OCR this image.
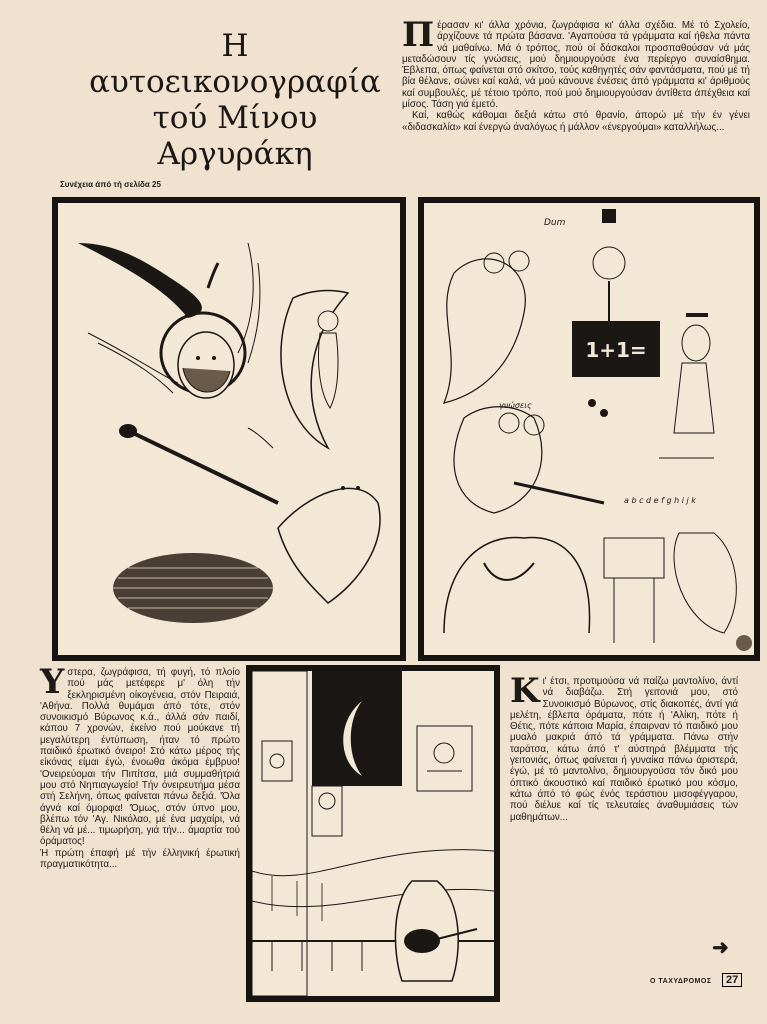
Η
αυτοεικονογραφία
τού Μίνου
Αργυράκη
Συνέχεια άπό τή σελίδα 25
Πέρασαν κι' άλλα χρόνια, ζωγράφισα κι' άλλα σχέδια. Μέ τό Σχολείο, άρχίζουνε τά πρώτα βάσανα. 'Αγαπούσα τά γράμματα καί ήθελα πάντα νά μαθαίνω. Μά ό τρόπος, πού οί δάσκαλοι προσπαθούσαν νά μάς μεταδώσουν τίς γνώσεις, μού δημιουργούσε ένα περίεργο συναίσθημα. Έβλεπα, όπως φαίνεται στό σκίτσο, τούς καθηγητές σάν φαντάσματα, πού μέ τή βία θέλανε, σώνει καί καλά, νά μού κάνουνε ένέσεις άπό γράμματα κι' άριθμούς καί συμβουλές, μέ τέτοιο τρόπο, πού μού δημιουργούσαν άντίθετα άπέχθεια καί μίσος. Τάση γιά έμετό.
Καί, καθώς κάθομαι δεξιά κάτω στό θρανίο, άπορώ μέ τήν έν γένει «διδασκαλία» καί ένεργώ άναλόγως ή μάλλον «ένεργούμαι» καταλλήλως...
1+1=
Dum
γνώσεις
a b c d e f g h i j k
Υστερα, ζωγράφισα, τή φυγή, τό πλοίο πού μάς μετέφερε μ' όλη τήν ξεκληρισμένη οίκογένεια, στόν Πειραιά, 'Αθήνα. Πολλά θυμάμαι άπό τότε, στόν συνοικισμό Βύρωνος κ.ά., άλλά σάν παιδί, κάπου 7 χρονών, έκείνο πού μούκανε τή μεγαλύτερη έντύπωση, ήταν τό πρώτο παιδικό έρωτικό όνειρο! Στό κάτω μέρος τής είκόνας είμαι έγώ, ένοωθα άκόμα έμβρυο! 'Ονειρεύομαι τήν Πιπίτσα, μιά συμμαθήτριά μου στό Νηπιαγωγείο! Τήν όνειρευτήμα μέσα στή Σελήνη, όπως φαίνεται πάνω δεξιά. 'Όλα άγνά καί όμορφα! 'Όμως, στόν ύπνο μου, βλέπω τόν 'Αγ. Νικόλαο, μέ ένα μαχαίρι, νά θέλη νά μέ... τιμωρήση, γιά τήν... άμαρτία τού όράματος!
Ή πρώτη έπαφή μέ τήν έλληνική έρωτική πραγματικότητα...
Κι' έτσι, προτιμούσα νά παίζω μαντολίνο, άντί νά διαβάζω. Στή γειτονιά μου, στό Συνοικισμό Βύρωνος, στίς διακοπές, άντί γιά μελέτη, έβλεπα όράματα, πότε ή 'Αλίκη, πότε ή Θέτις, πότε κάποια Μαρία, έπαιρναν τό παιδικό μου μυαλό μακριά άπό τά γράμματα. Πάνω στήν ταράτσα, κάτω άπό τ' αύστηρά βλέμματα τής γειτονιάς, όπως φαίνεται ή γυναίκα πάνω άριστερά, έγώ, μέ τό μαντολίνο, δημιουργούσα τόν δικό μου όπτικό άκουστικό καί παιδικό έρωτικό μου κόσμο, κάτω άπό τό φώς ένός τεράστιου μισοφέγγαρου, πού διέλυε καί τίς τελευταίες άναθυμιάσεις τών μαθημάτων...
➜
Ο ΤΑΧΥΔΡΟΜΟΣ	27
